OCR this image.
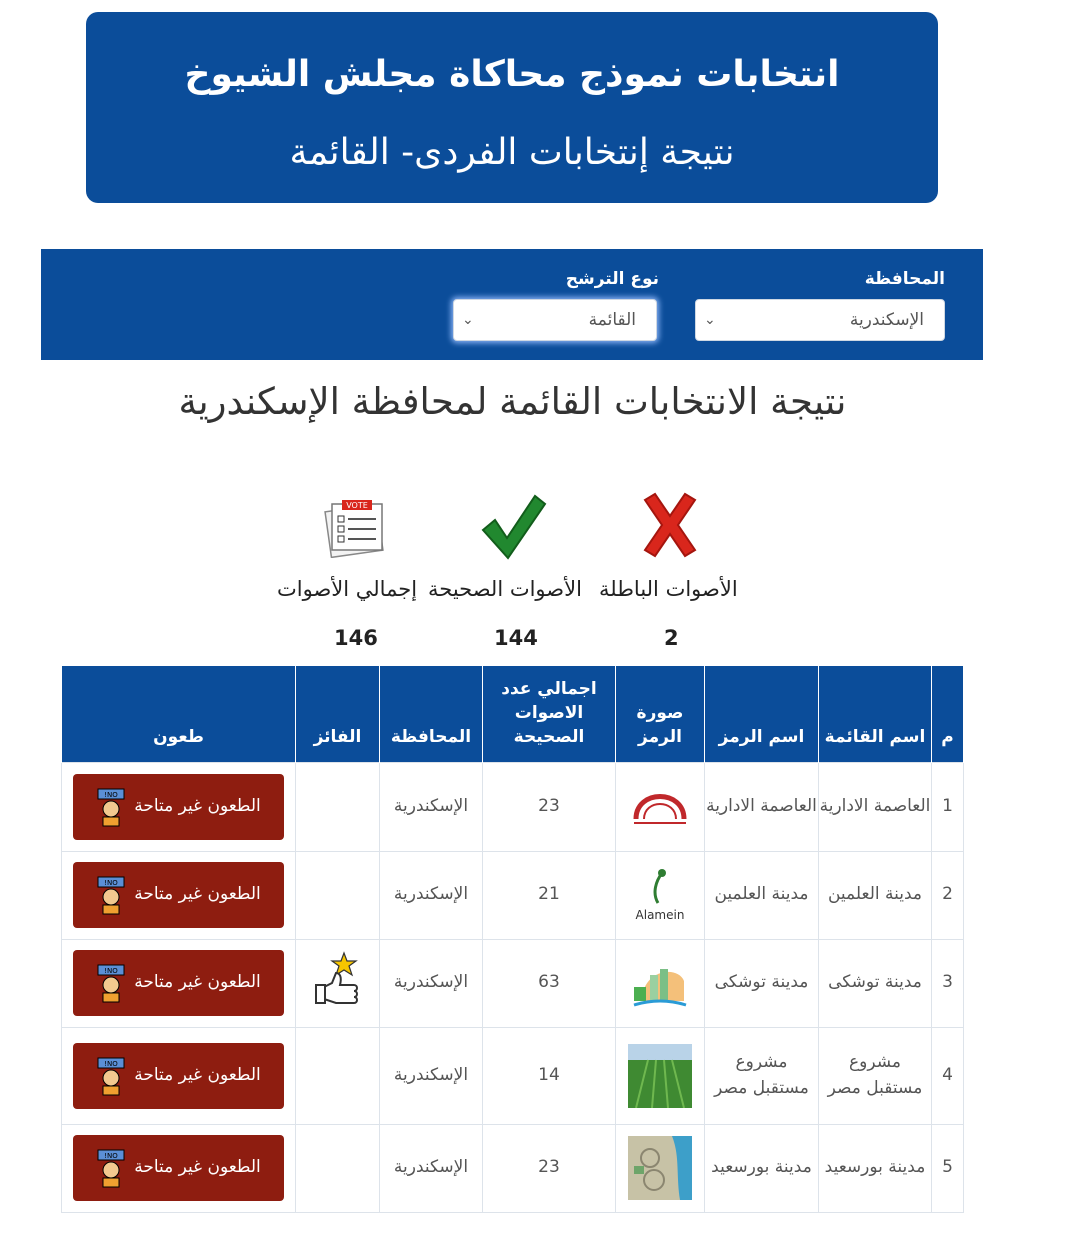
انتخابات نموذج محاكاة مجلش الشيوخ
نتيجة إنتخابات الفردى- القائمة
المحافظة
نوع الترشح
الإسكندرية
⌄
القائمة
⌄
نتيجة الانتخابات القائمة لمحافظة الإسكندرية
VOTE
الأصوات الباطلة
الأصوات الصحيحة
إجمالي الأصوات
2
144
146
م	اسم القائمة	اسم الرمز	صورة الرمز	اجمالي عدد الاصوات الصحيحة	المحافظة	الفائز	طعون
1	العاصمة الادارية	العاصمة الادارية		23	الإسكندرية		الطعون غير متاحة
NO!

2	مدينة العلمين	مدينة العلمين	Alamein	21	الإسكندرية		الطعون غير متاحة
NO!

3	مدينة توشكى	مدينة توشكى		63	الإسكندرية		الطعون غير متاحة
NO!

4	مشروع مستقبل مصر	مشروع مستقبل مصر		14	الإسكندرية		الطعون غير متاحة
NO!

5	مدينة بورسعيد	مدينة بورسعيد		23	الإسكندرية		الطعون غير متاحة
NO!
